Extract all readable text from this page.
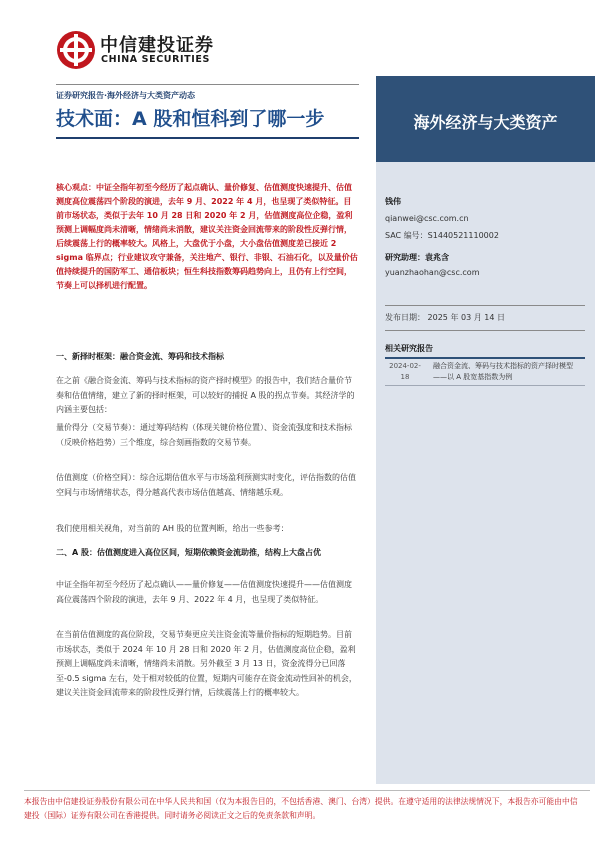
中信建投证券
CHINA SECURITIES
证券研究报告·海外经济与大类资产动态
技术面：A 股和恒科到了哪一步	海外经济与大类资产
核心观点：中证全指年初至今经历了起点确认、量价修复、估值测度快速提升、估值测度高位震荡四个阶段的演进，去年 9 月、2022 年 4 月，也呈现了类似特征。目前市场状态，类似于去年 10 月 28 日和 2020 年 2 月，估值测度高位企稳，盈利预测上调幅度尚未清晰，情绪尚未消散，建议关注资金回流带来的阶段性反弹行情，后续震荡上行的概率较大。风格上，大盘优于小盘，大小盘估值测度差已接近 2 sigma 临界点；行业建议攻守兼备，关注地产、银行、非银、石油石化，以及量价估值持续提升的国防军工、通信板块；恒生科技指数筹码趋势向上，且仍有上行空间，节奏上可以择机进行配置。
一、新择时框架：融合资金流、筹码和技术指标
在之前《融合资金流、筹码与技术指标的资产择时模型》的报告中，我们结合量价节奏和估值情绪，建立了新的择时框架，可以较好的捕捉 A 股的拐点节奏。其经济学的内涵主要包括：
量价得分（交易节奏）：通过筹码结构（体现关键价格位置）、资金流强度和技术指标（反映价格趋势）三个维度，综合刻画指数的交易节奏。
估值测度（价格空间）：综合远期估值水平与市场盈利预测实时变化，评估指数的估值空间与市场情绪状态，得分越高代表市场估值越高、情绪越乐观。
我们使用相关视角，对当前的 AH 股的位置判断，给出一些参考：
二、A 股：估值测度进入高位区间，短期依赖资金流助推，结构上大盘占优
中证全指年初至今经历了起点确认——量价修复——估值测度快速提升——估值测度高位震荡四个阶段的演进，去年 9 月、2022 年 4 月，也呈现了类似特征。
在当前估值测度的高位阶段，交易节奏更应关注资金流等量价指标的短期趋势。目前市场状态，类似于 2024 年 10 月 28 日和 2020 年 2 月，估值测度高位企稳，盈利预测上调幅度尚未清晰，情绪尚未消散。另外截至 3 月 13 日，资金流得分已回落至-0.5 sigma 左右，处于相对较低的位置，短期内可能存在资金流动性回补的机会，建议关注资金回流带来的阶段性反弹行情，后续震荡上行的概率较大。
钱伟
qianwei@csc.com.cn
SAC 编号：S1440521110002
研究助理：袁兆含
yuanzhaohan@csc.com
发布日期： 2025 年 03 月 14 日
相关研究报告
2024-02-18
融合资金流、筹码与技术指标的资产择时模型——以 A 股宽基指数为例
本报告由中信建投证券股份有限公司在中华人民共和国（仅为本报告目的，不包括香港、澳门、台湾）提供。在遵守适用的法律法规情况下，本报告亦可能由中信建投（国际）证券有限公司在香港提供。同时请务必阅读正文之后的免责条款和声明。
